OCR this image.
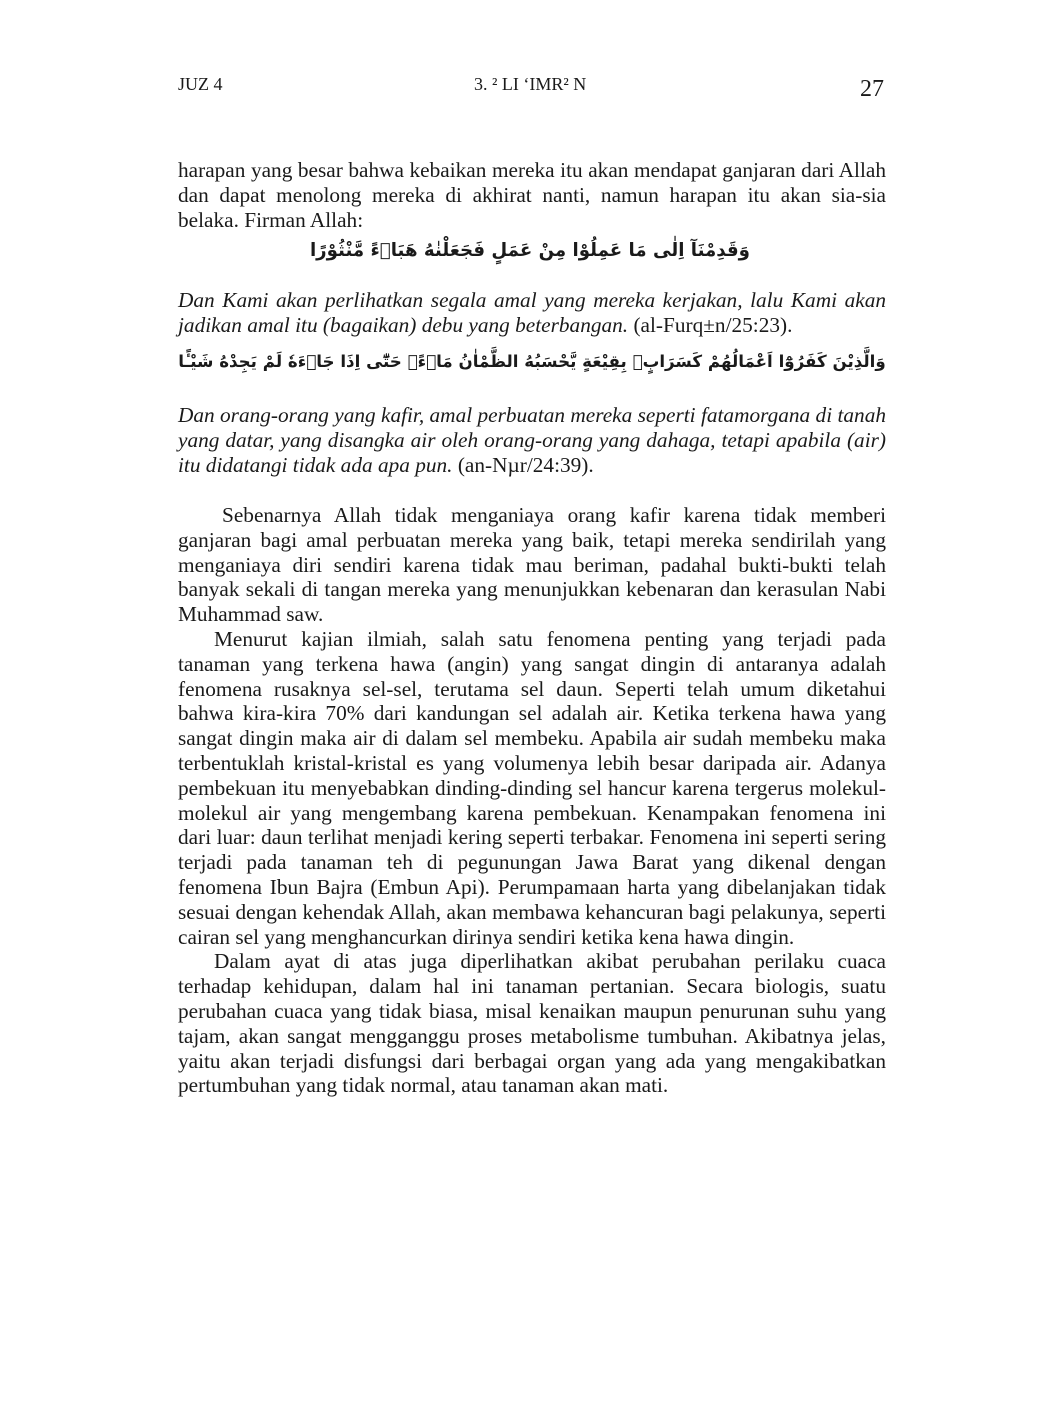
JUZ 4	3. ² LI ‘IMR² N	27

harapan yang besar bahwa kebaikan mereka itu akan mendapat ganjaran dari Allah dan dapat menolong mereka di akhirat nanti, namun harapan itu akan sia-sia belaka. Firman Allah:

وَقَدِمْنَآ اِلٰى مَا عَمِلُوْا مِنْ عَمَلٍ فَجَعَلْنٰهُ هَبَاۤءً مَّنْثُوْرًا

Dan Kami akan perlihatkan segala amal yang mereka kerjakan, lalu Kami akan jadikan amal itu (bagaikan) debu yang beterbangan. (al-Furq±n/25:23).

وَالَّذِيْنَ كَفَرُوْٓا اَعْمَالُهُمْ كَسَرَابٍۢ بِقِيْعَةٍ يَّحْسَبُهُ الظَّمْاٰنُ مَاۤءًۗ حَتّٰٓى اِذَا جَاۤءَهٗ لَمْ يَجِدْهُ شَيْـًٔا

Dan orang-orang yang kafir, amal perbuatan mereka seperti fatamorgana di tanah yang datar, yang disangka air oleh orang-orang yang dahaga, tetapi apabila (air) itu didatangi tidak ada apa pun. (an-Nµr/24:39).

Sebenarnya Allah tidak menganiaya orang kafir karena tidak memberi ganjaran bagi amal perbuatan mereka yang baik, tetapi mereka sendirilah yang menganiaya diri sendiri karena tidak mau beriman, padahal bukti-bukti telah banyak sekali di tangan mereka yang menunjukkan kebenaran dan kerasulan Nabi Muhammad saw.

Menurut kajian ilmiah, salah satu fenomena penting yang terjadi pada tanaman yang terkena hawa (angin) yang sangat dingin di antaranya adalah fenomena rusaknya sel-sel, terutama sel daun. Seperti telah umum diketahui bahwa kira-kira 70% dari kandungan sel adalah air. Ketika terkena hawa yang sangat dingin maka air di dalam sel membeku. Apabila air sudah membeku maka terbentuklah kristal-kristal es yang volumenya lebih besar daripada air. Adanya pembekuan itu menyebabkan dinding-dinding sel hancur karena tergerus molekul-molekul air yang mengembang karena pembekuan. Kenampakan fenomena ini dari luar: daun terlihat menjadi kering seperti terbakar. Fenomena ini seperti sering terjadi pada tanaman teh di pegunungan Jawa Barat yang dikenal dengan fenomena Ibun Bajra (Embun Api). Perumpamaan harta yang dibelanjakan tidak sesuai dengan kehendak Allah, akan membawa kehancuran bagi pelakunya, seperti cairan sel yang menghancurkan dirinya sendiri ketika kena hawa dingin.

Dalam ayat di atas juga diperlihatkan akibat perubahan perilaku cuaca terhadap kehidupan, dalam hal ini tanaman pertanian. Secara biologis, suatu perubahan cuaca yang tidak biasa, misal kenaikan maupun penurunan suhu yang tajam, akan sangat mengganggu proses metabolisme tumbuhan. Akibatnya jelas, yaitu akan terjadi disfungsi dari berbagai organ yang ada yang mengakibatkan pertumbuhan yang tidak normal, atau tanaman akan mati.
